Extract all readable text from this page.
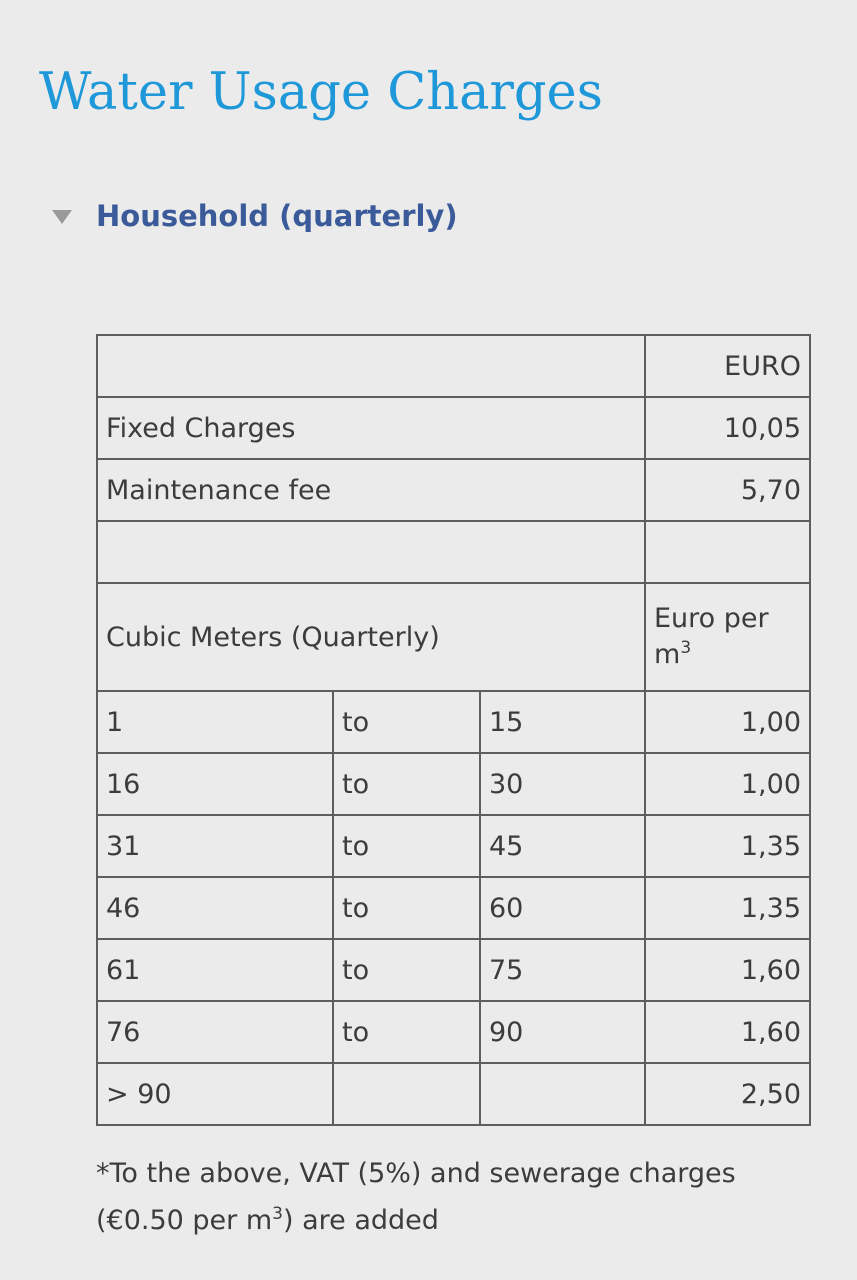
Water Usage Charges
Household (quarterly)
			EURO
Fixed Charges			10,05
Maintenance fee			5,70

Cubic Meters (Quarterly)			Euro per $m^3$
1	to	15	1,00
16	to	30	1,00
31	to	45	1,35
46	to	60	1,35
61	to	75	1,60
76	to	90	1,60
> 90			2,50
*To the above, VAT (5%) and sewerage charges
(€0.50 per $m^3$) are added
